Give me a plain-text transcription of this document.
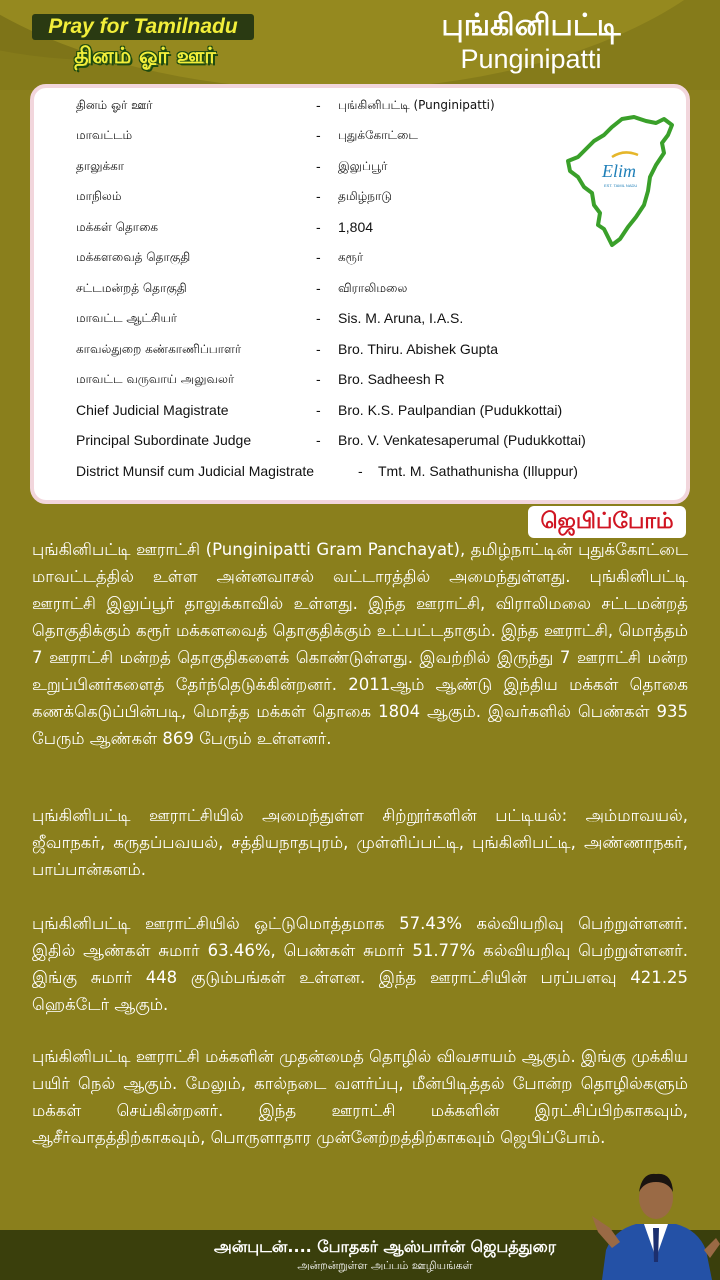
Pray for Tamilnadu
தினம் ஓர் ஊர்
புங்கினிபட்டி
Punginipatti
தினம் ஓர் ஊர்	- புங்கினிபட்டி (Punginipatti)
மாவட்டம்	- புதுக்கோட்டை
தாலுக்கா	- இலுப்பூர்
மாநிலம்	- தமிழ்நாடு
மக்கள் தொகை	- 1,804
மக்களவைத் தொகுதி	- கரூர்
சட்டமன்றத் தொகுதி	- விராலிமலை
மாவட்ட ஆட்சியர்	- Sis. M. Aruna, I.A.S.
காவல்துறை கண்காணிப்பாளர்	- Bro. Thiru. Abishek Gupta
மாவட்ட வருவாய் அலுவலர்	- Bro. Sadheesh R
Chief Judicial Magistrate	- Bro. K.S. Paulpandian (Pudukkottai)
Principal Subordinate Judge	- Bro. V. Venkatesaperumal (Pudukkottai)
District Munsif cum Judicial Magistrate	- Tmt. M. Sathathunisha (Illuppur)
Elim
EST. TAMIL NADU
ஜெபிப்போம்

புங்கினிபட்டி ஊராட்சி (Punginipatti Gram Panchayat), தமிழ்நாட்டின் புதுக்கோட்டை மாவட்டத்தில் உள்ள அன்னவாசல் வட்டாரத்தில் அமைந்துள்ளது. புங்கினிபட்டி ஊராட்சி இலுப்பூர் தாலுக்காவில் உள்ளது. இந்த ஊராட்சி, விராலிமலை சட்டமன்றத் தொகுதிக்கும் கரூர் மக்களவைத் தொகுதிக்கும் உட்பட்டதாகும். இந்த ஊராட்சி, மொத்தம் 7 ஊராட்சி மன்றத் தொகுதிகளைக் கொண்டுள்ளது. இவற்றில் இருந்து 7 ஊராட்சி மன்ற உறுப்பினர்களைத் தேர்ந்தெடுக்கின்றனர். 2011ஆம் ஆண்டு இந்திய மக்கள் தொகை கணக்கெடுப்பின்படி, மொத்த மக்கள் தொகை 1804 ஆகும். இவர்களில் பெண்கள் 935 பேரும் ஆண்கள் 869 பேரும் உள்ளனர்.

புங்கினிபட்டி ஊராட்சியில் அமைந்துள்ள சிற்றூர்களின் பட்டியல்: அம்மாவயல், ஜீவாநகர், கருதப்பவயல், சத்தியநாதபுரம், முள்ளிப்பட்டி, புங்கினிபட்டி, அண்ணாநகர், பாப்பான்களம்.

புங்கினிபட்டி ஊராட்சியில் ஒட்டுமொத்தமாக 57.43% கல்வியறிவு பெற்றுள்ளனர். இதில் ஆண்கள் சுமார் 63.46%, பெண்கள் சுமார் 51.77% கல்வியறிவு பெற்றுள்ளனர். இங்கு சுமார் 448 குடும்பங்கள் உள்ளன. இந்த ஊராட்சியின் பரப்பளவு 421.25 ஹெக்டேர் ஆகும்.

புங்கினிபட்டி ஊராட்சி மக்களின் முதன்மைத் தொழில் விவசாயம் ஆகும். இங்கு முக்கிய பயிர் நெல் ஆகும். மேலும், கால்நடை வளர்ப்பு, மீன்பிடித்தல் போன்ற தொழில்களும் மக்கள் செய்கின்றனர். இந்த ஊராட்சி மக்களின் இரட்சிப்பிற்காகவும், ஆசீர்வாதத்திற்காகவும், பொருளாதார முன்னேற்றத்திற்காகவும் ஜெபிப்போம்.

அன்புடன்.... போதகர் ஆஸ்பார்ன் ஜெபத்துரை
அன்றன்றுள்ள அப்பம் ஊழியங்கள்
